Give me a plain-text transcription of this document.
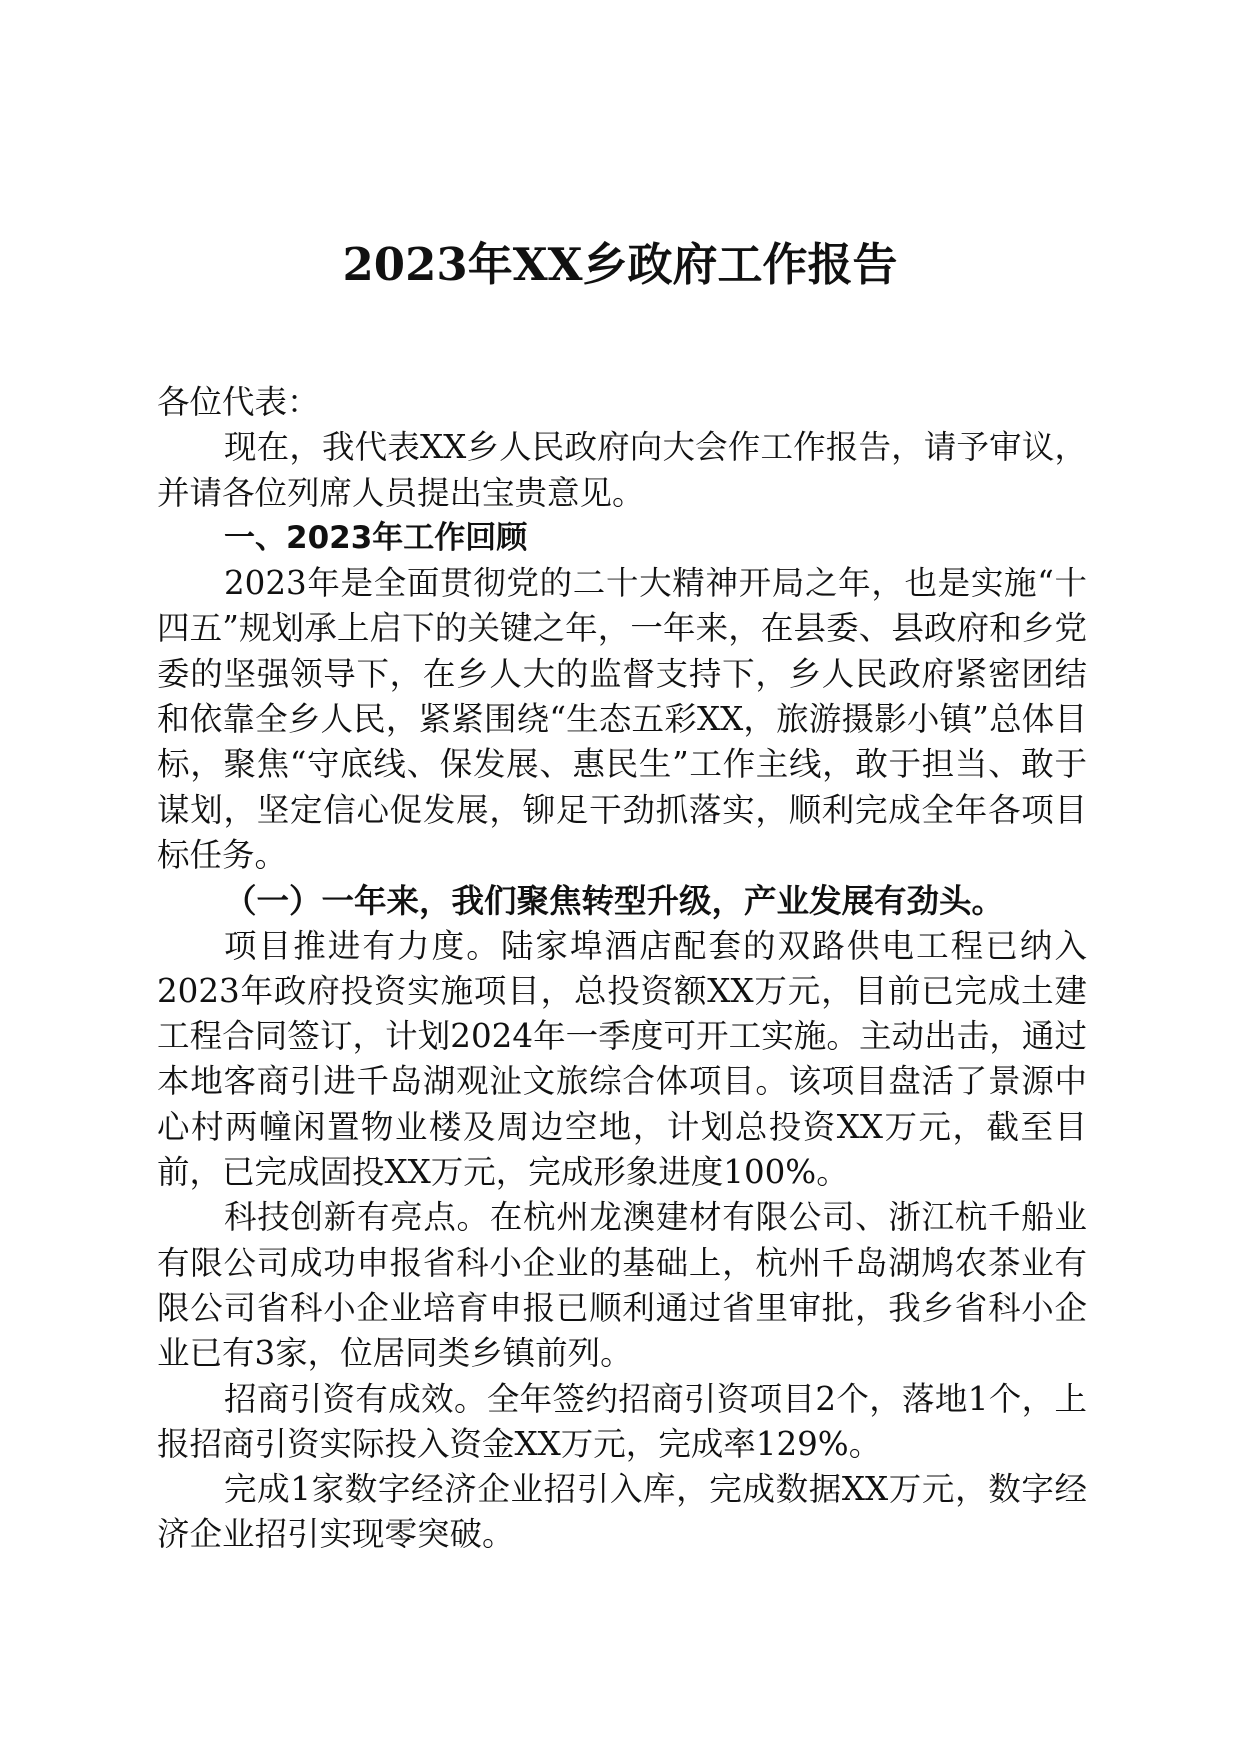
2023年XX乡政府工作报告

各位代表：

现在，我代表XX乡人民政府向大会作工作报告，请予审议，并请各位列席人员提出宝贵意见。

一、2023年工作回顾

2023年是全面贯彻党的二十大精神开局之年，也是实施“十四五”规划承上启下的关键之年，一年来，在县委、县政府和乡党委的坚强领导下，在乡人大的监督支持下，乡人民政府紧密团结和依靠全乡人民，紧紧围绕“生态五彩XX，旅游摄影小镇”总体目标，聚焦“守底线、保发展、惠民生”工作主线，敢于担当、敢于谋划，坚定信心促发展，铆足干劲抓落实，顺利完成全年各项目标任务。

（一）一年来，我们聚焦转型升级，产业发展有劲头。

项目推进有力度。陆家埠酒店配套的双路供电工程已纳入2023年政府投资实施项目，总投资额XX万元，目前已完成土建工程合同签订，计划2024年一季度可开工实施。主动出击，通过本地客商引进千岛湖观沚文旅综合体项目。该项目盘活了景源中心村两幢闲置物业楼及周边空地，计划总投资XX万元，截至目前，已完成固投XX万元，完成形象进度100%。

科技创新有亮点。在杭州龙澳建材有限公司、浙江杭千船业有限公司成功申报省科小企业的基础上，杭州千岛湖鸠农茶业有限公司省科小企业培育申报已顺利通过省里审批，我乡省科小企业已有3家，位居同类乡镇前列。

招商引资有成效。全年签约招商引资项目2个，落地1个，上报招商引资实际投入资金XX万元，完成率129%。

完成1家数字经济企业招引入库，完成数据XX万元，数字经济企业招引实现零突破。
